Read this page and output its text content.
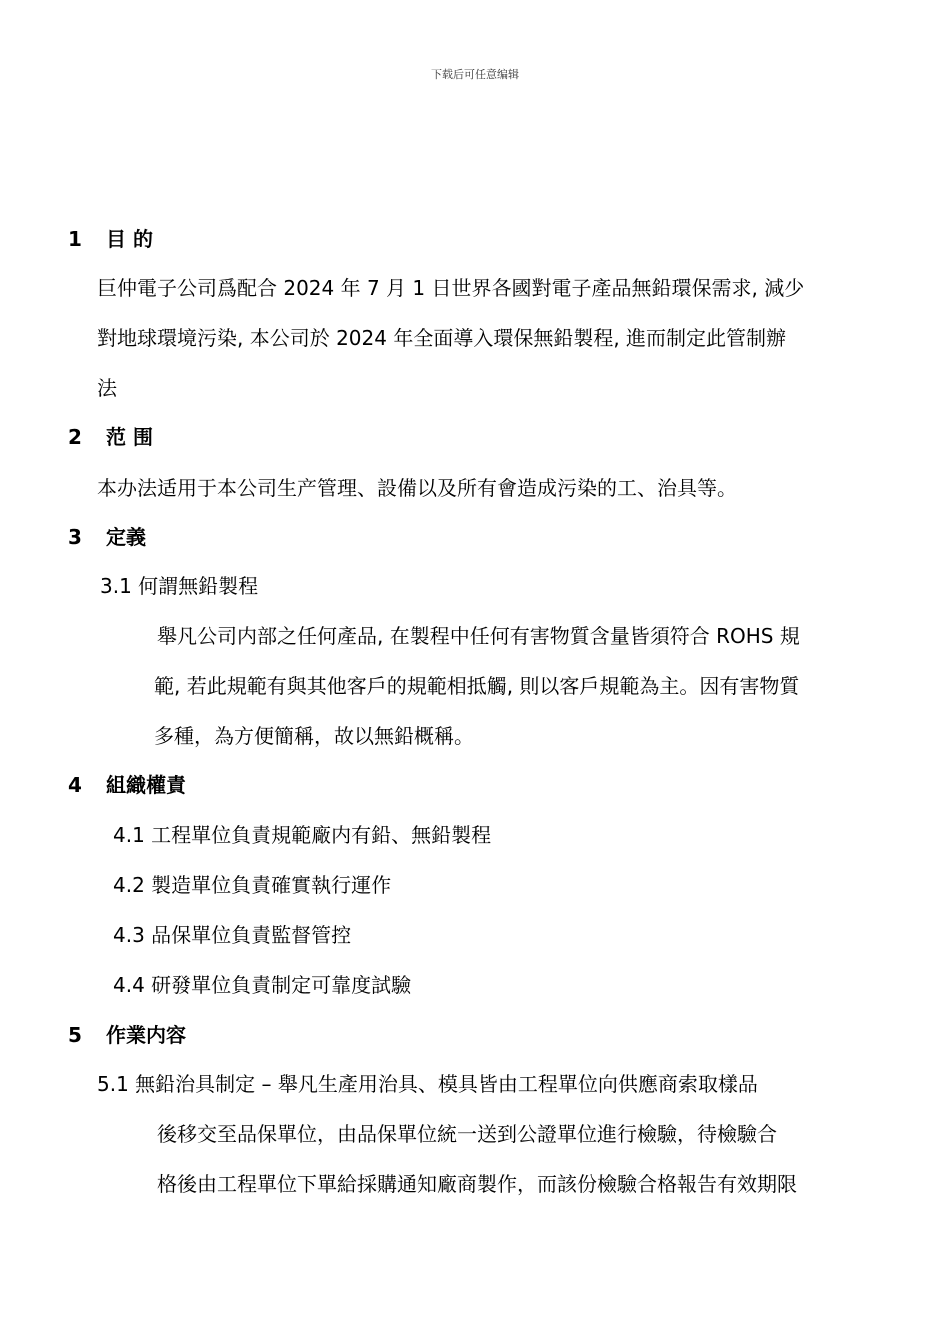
下载后可任意编辑
1 目 的
巨仲電子公司爲配合 2024 年 7 月 1 日世界各國對電子產品無鉛環保需求, 減少
對地球環境污染, 本公司於 2024 年全面導入環保無鉛製程, 進而制定此管制辦
法
2 范 围
本办法适用于本公司生产管理、設備以及所有會造成污染的工、治具等。
3 定義
3.1 何謂無鉛製程
舉凡公司内部之任何產品, 在製程中任何有害物質含量皆須符合 ROHS 規
範, 若此規範有與其他客戶的規範相抵觸, 則以客戶規範為主。因有害物質
多種，為方便簡稱，故以無鉛概稱。
4 組織權責
4.1 工程單位負責規範廠内有鉛、無鉛製程
4.2 製造單位負責確實執行運作
4.3 品保單位負責監督管控
4.4 研發單位負責制定可靠度試驗
5 作業内容
5.1 無鉛治具制定 – 舉凡生產用治具、模具皆由工程單位向供應商索取樣品
後移交至品保單位，由品保單位統一送到公證單位進行檢驗，待檢驗合
格後由工程單位下單給採購通知廠商製作，而該份檢驗合格報告有效期限
